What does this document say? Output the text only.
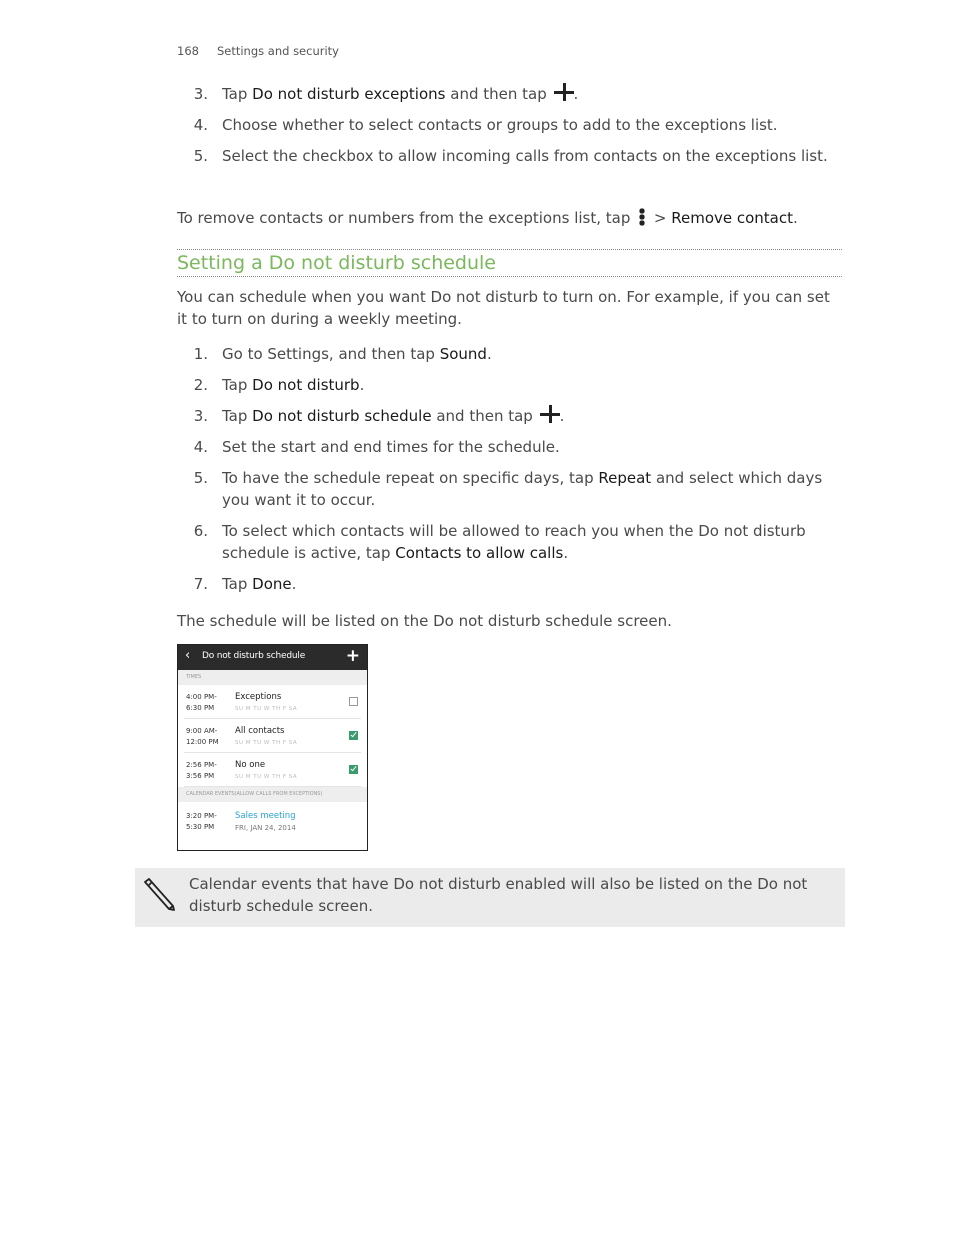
168 Settings and security
3. Tap Do not disturb exceptions and then tap .
4. Choose whether to select contacts or groups to add to the exceptions list.
5. Select the checkbox to allow incoming calls from contacts on the exceptions list.

To remove contacts or numbers from the exceptions list, tap  > Remove contact.

Setting a Do not disturb schedule

You can schedule when you want Do not disturb to turn on. For example, if you can set it to turn on during a weekly meeting.

1. Go to Settings, and then tap Sound.
2. Tap Do not disturb.
3. Tap Do not disturb schedule and then tap .
4. Set the start and end times for the schedule.
5. To have the schedule repeat on specific days, tap Repeat and select which days you want it to occur.
6. To select which contacts will be allowed to reach you when the Do not disturb schedule is active, tap Contacts to allow calls.
7. Tap Done.

The schedule will be listed on the Do not disturb schedule screen.

‹ Do not disturb schedule +
TIMES
4:00 PM-
6:30 PM
Exceptions
SU M TU W TH F SA
9:00 AM-
12:00 PM
All contacts
SU M TU W TH F SA
2:56 PM-
3:56 PM
No one
SU M TU W TH F SA
CALENDAR EVENTS(ALLOW CALLS FROM EXCEPTIONS)
3:20 PM-
5:30 PM
Sales meeting
FRI, JAN 24, 2014
Calendar events that have Do not disturb enabled will also be listed on the Do not disturb schedule screen.
